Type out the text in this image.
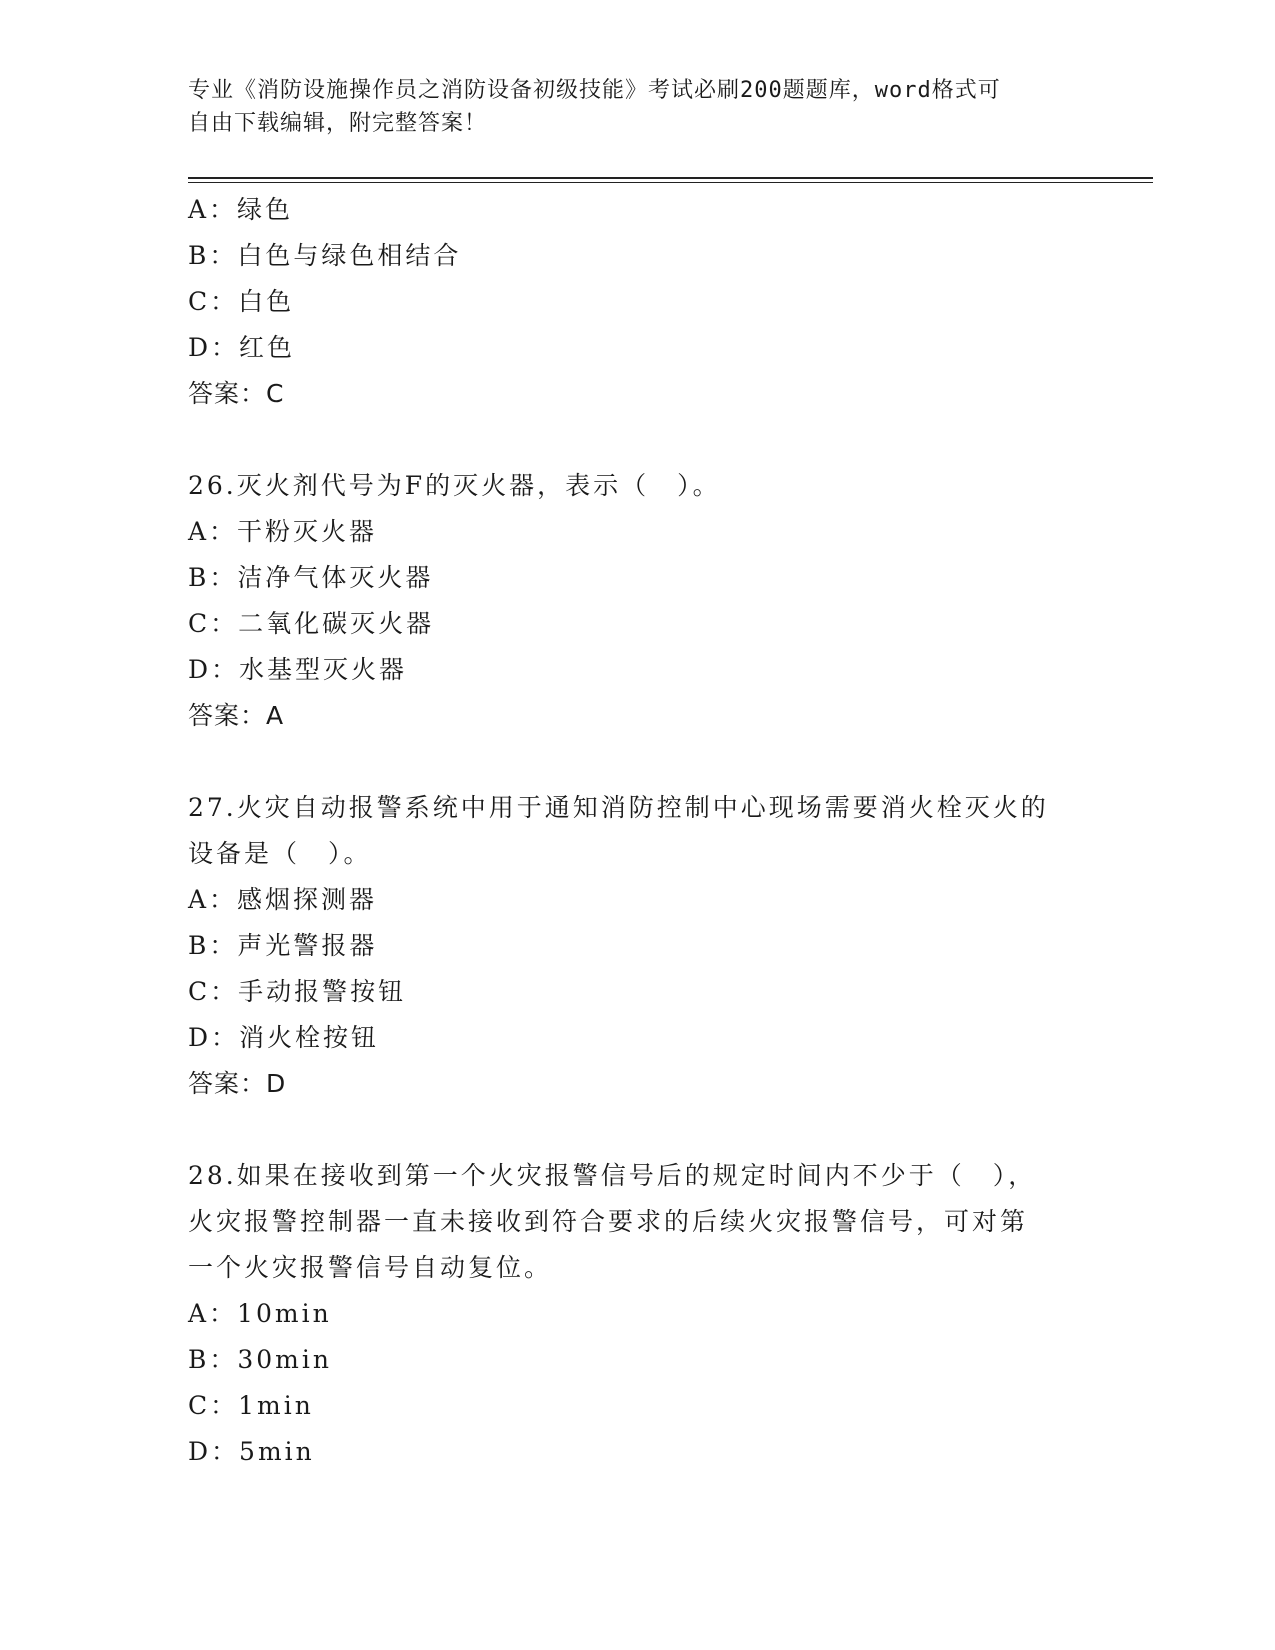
专业《消防设施操作员之消防设备初级技能》考试必刷200题题库，word格式可
自由下载编辑，附完整答案！
A：绿色
B：白色与绿色相结合
C：白色
D：红色
答案：C
26.灭火剂代号为F的灭火器，表示（　）。
A：干粉灭火器
B：洁净气体灭火器
C：二氧化碳灭火器
D：水基型灭火器
答案：A
27.火灾自动报警系统中用于通知消防控制中心现场需要消火栓灭火的
设备是（　）。
A：感烟探测器
B：声光警报器
C：手动报警按钮
D：消火栓按钮
答案：D
28.如果在接收到第一个火灾报警信号后的规定时间内不少于（　），
火灾报警控制器一直未接收到符合要求的后续火灾报警信号，可对第
一个火灾报警信号自动复位。
A：10min
B：30min
C：1min
D：5min
